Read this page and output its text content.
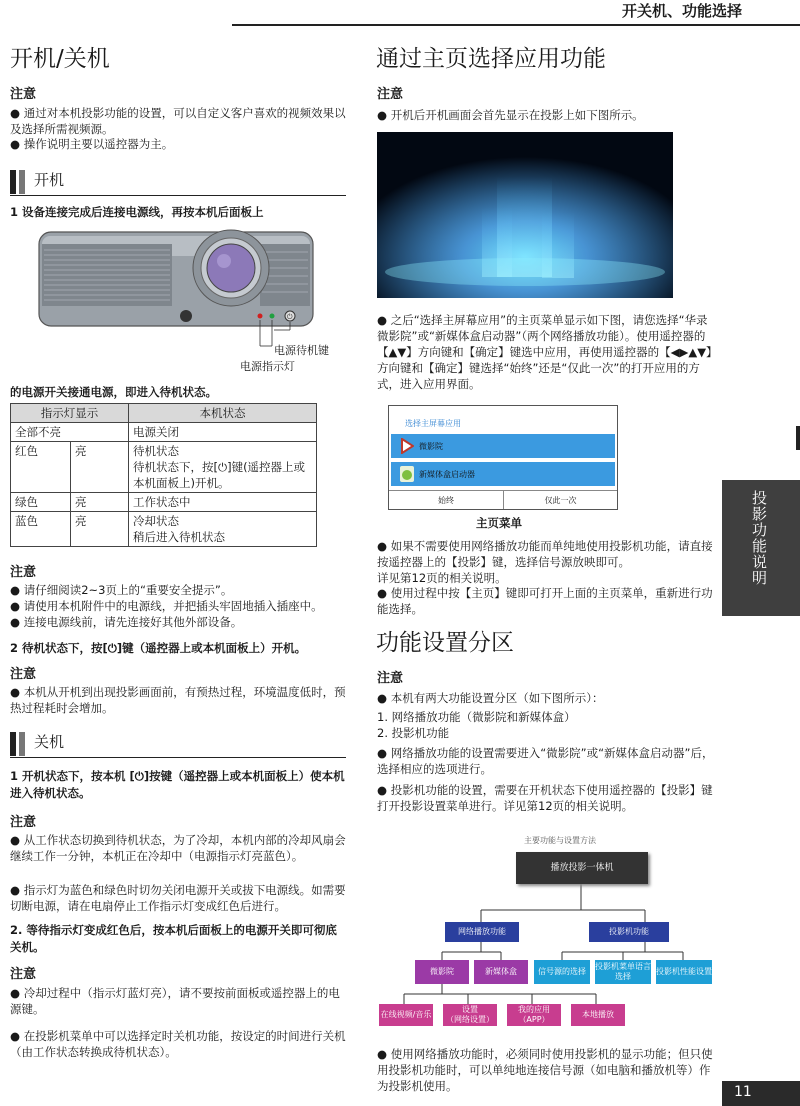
开关机、功能选择
开机/关机
注意
● 通过对本机投影功能的设置，可以自定义客户喜欢的视频效果以及选择所需视频源。
● 操作说明主要以遥控器为主。
开机
1 设备连接完成后连接电源线，再按本机后面板上
⏻
电源待机键
电源指示灯
的电源开关接通电源，即进入待机状态。
指示灯显示		本机状态
全部不亮		电源关闭
红色	亮	待机状态
待机状态下，按[⏻]键(遥控器上或本机面板上)开机。
绿色	亮	工作状态中
蓝色	亮	冷却状态
稍后进入待机状态
注意
● 请仔细阅读2~3页上的“重要安全提示”。
● 请使用本机附件中的电源线，并把插头牢固地插入插座中。
● 连接电源线前，请先连接好其他外部设备。
2 待机状态下，按[⏻]键（遥控器上或本机面板上）开机。
注意
● 本机从开机到出现投影画面前，有预热过程，环境温度低时，预热过程耗时会增加。
关机
1 开机状态下，按本机 [⏻]按键（遥控器上或本机面板上）使本机进入待机状态。
注意
● 从工作状态切换到待机状态，为了冷却，本机内部的冷却风扇会继续工作一分钟，本机正在冷却中（电源指示灯亮蓝色）。
● 指示灯为蓝色和绿色时切勿关闭电源开关或拔下电源线。如需要切断电源，请在电扇停止工作指示灯变成红色后进行。
2. 等待指示灯变成红色后，按本机后面板上的电源开关即可彻底关机。
注意
● 冷却过程中（指示灯蓝灯亮），请不要按前面板或遥控器上的电源键。
● 在投影机菜单中可以选择定时关机功能，按设定的时间进行关机（由工作状态转换成待机状态）。
通过主页选择应用功能
注意
● 开机后开机画面会首先显示在投影上如下图所示。
● 之后“选择主屏幕应用”的主页菜单显示如下图，请您选择“华录微影院”或“新媒体盒启动器”（两个网络播放功能）。使用遥控器的【▲▼】方向键和【确定】键选中应用，再使用遥控器的【◀▶▲▼】方向键和【确定】键选择“始终”还是“仅此一次”的打开应用的方式，进入应用界面。
选择主屏幕应用
微影院
新媒体盒启动器
始终	仅此一次
主页菜单
● 如果不需要使用网络播放功能而单纯地使用投影机功能，请直接按遥控器上的【投影】键，选择信号源放映即可。
详见第12页的相关说明。
● 使用过程中按【主页】键即可打开上面的主页菜单，重新进行功能选择。
功能设置分区
注意
● 本机有两大功能设置分区（如下图所示）：
1. 网络播放功能（微影院和新媒体盒）
2. 投影机功能
● 网络播放功能的设置需要进入“微影院”或“新媒体盒启动器”后，选择相应的选项进行。
● 投影机功能的设置，需要在开机状态下使用遥控器的【投影】键打开投影设置菜单进行。详见第12页的相关说明。
主要功能与设置方法
播放投影一体机
网络播放功能	投影机功能
微影院	新媒体盒	信号源的选择
投影机菜单语言选择
投影机性能设置
在线视频/音乐
设置
（网络设置）
我的应用
（APP）
本地播放
● 使用网络播放功能时，必须同时使用投影机的显示功能；但只使用投影机功能时，可以单纯地连接信号源（如电脑和播放机等）作为投影机使用。
投影功能说明
11
